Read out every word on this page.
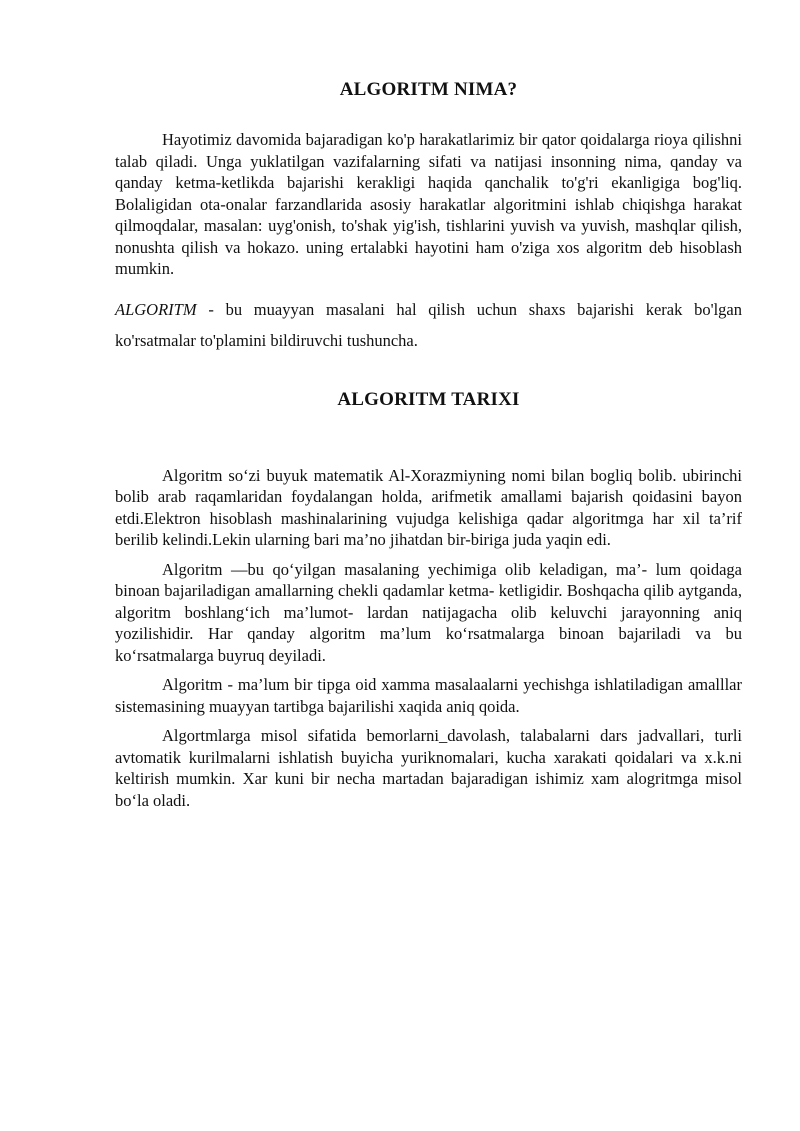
ALGORITM NIMA?

Hayotimiz davomida bajaradigan ko'p harakatlarimiz bir qator qoidalarga rioya qilishni talab qiladi. Unga yuklatilgan vazifalarning sifati va natijasi insonning nima, qanday va qanday ketma-ketlikda bajarishi kerakligi haqida qanchalik to'g'ri ekanligiga bog'liq. Bolaligidan ota-onalar farzandlarida asosiy harakatlar algoritmini ishlab chiqishga harakat qilmoqdalar, masalan: uyg'onish, to'shak yig'ish, tishlarini yuvish va yuvish, mashqlar qilish, nonushta qilish va hokazo. uning ertalabki hayotini ham o'ziga xos algoritm deb hisoblash mumkin.

ALGORITM - bu muayyan masalani hal qilish uchun shaxs bajarishi kerak bo'lgan ko'rsatmalar to'plamini bildiruvchi tushuncha.

ALGORITM TARIXI

Algoritm so‘zi buyuk matematik Al-Xorazmiyning nomi bilan bogliq bolib. ubirinchi bolib arab raqamlaridan foydalangan holda, arifmetik amallami bajarish qoidasini bayon etdi.Elektron hisoblash mashinalarining vujudga kelishiga qadar algoritmga har xil ta’rif berilib kelindi.Lekin ularning bari ma’no jihatdan bir-biriga juda yaqin edi.

Algoritm —bu qo‘yilgan masalaning yechimiga olib keladigan, ma’- lum qoidaga binoan bajariladigan amallarning chekli qadamlar ketma- ketligidir. Boshqacha qilib aytganda, algoritm boshlang‘ich ma’lumot- lardan natijagacha olib keluvchi jarayonning aniq yozilishidir. Har qanday algoritm ma’lum ko‘rsatmalarga binoan bajariladi va bu ko‘rsatmalarga buyruq deyiladi.

Algoritm - ma’lum bir tipga oid xamma masalaalarni yechishga ishlatiladigan amalllar sistemasining muayyan tartibga bajarilishi xaqida aniq qoida.

Algortmlarga misol sifatida bemorlarni_davolash, talabalarni dars jadvallari, turli avtomatik kurilmalarni ishlatish buyicha yuriknomalari, kucha xarakati qoidalari va x.k.ni keltirish mumkin. Xar kuni bir necha martadan bajaradigan ishimiz xam alogritmga misol bo‘la oladi.
